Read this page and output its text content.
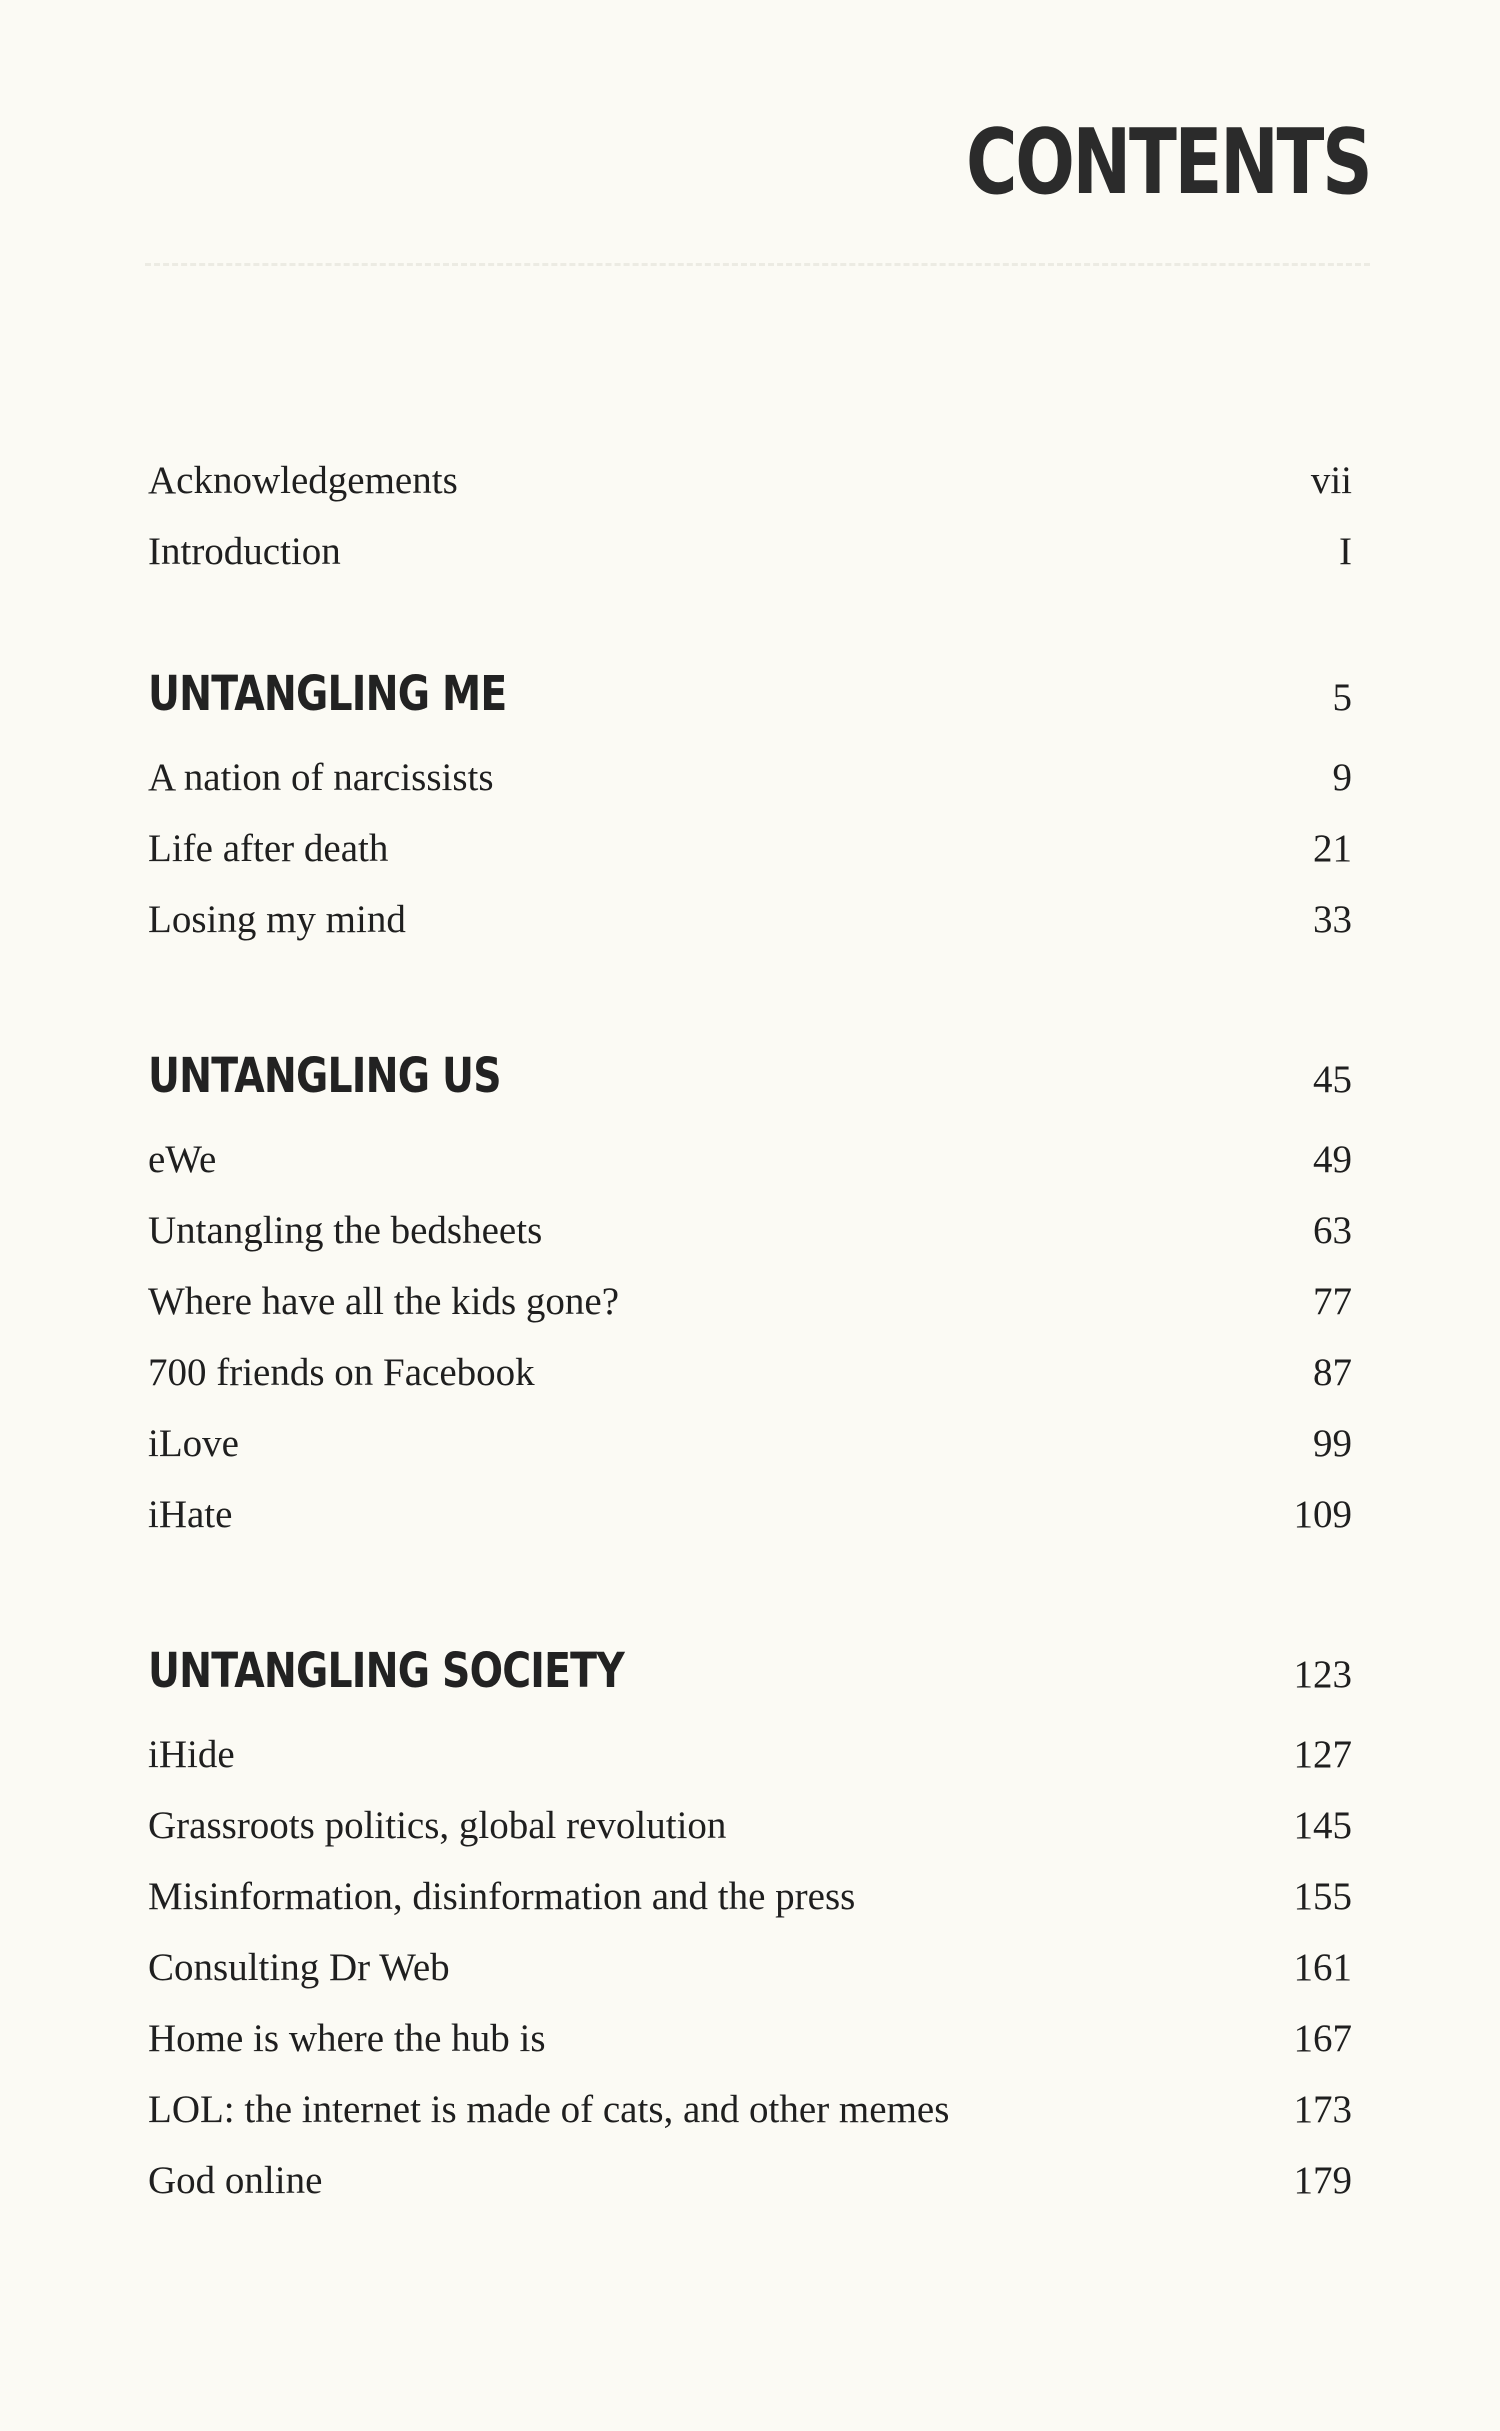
CONTENTS
Acknowledgements	vii
Introduction	I
UNTANGLING ME	5
A nation of narcissists	9
Life after death	21
Losing my mind	33
UNTANGLING US	45
eWe	49
Untangling the bedsheets	63
Where have all the kids gone?	77
700 friends on Facebook	87
iLove	99
iHate	109
UNTANGLING SOCIETY	123
iHide	127
Grassroots politics, global revolution	145
Misinformation, disinformation and the press	155
Consulting Dr Web	161
Home is where the hub is	167
LOL: the internet is made of cats, and other memes	173
God online	179
